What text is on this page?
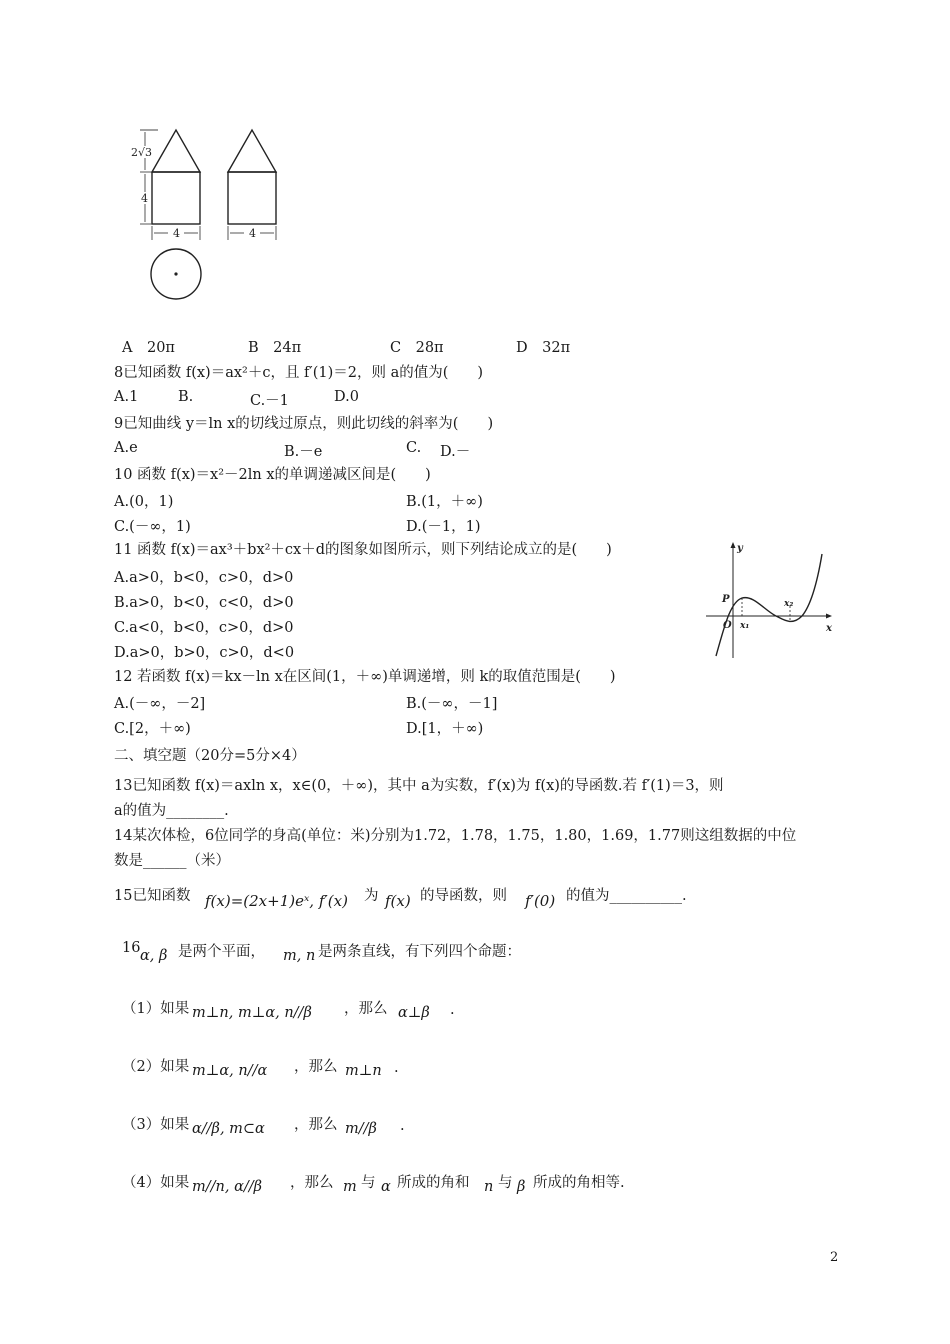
2√3
4
4	4
A　20π	B　24π	C　28π	D　32π
8已知函数 f(x)＝ax²＋c，且 f′(1)＝2，则 a的值为(　　)
A.1	B.	C.－1	D.0
9已知曲线 y＝ln x的切线过原点，则此切线的斜率为(　　)
A.e	B.－e	C. D.－
10 函数 f(x)＝x²－2ln x的单调递减区间是(　　)
A.(0，1)	B.(1，＋∞)
C.(－∞，1)	D.(－1，1)
11 函数 f(x)＝ax³＋bx²＋cx＋d的图象如图所示，则下列结论成立的是(　　)
A.a>0，b<0，c>0，d>0
B.a>0，b<0，c<0，d>0
C.a<0，b<0，c>0，d>0
D.a>0，b>0，c>0，d<0
y
x
O
P
x₁
x₂
12 若函数 f(x)＝kx－ln x在区间(1，＋∞)单调递增，则 k的取值范围是(　　)
A.(－∞，－2]	B.(－∞，－1]
C.[2，＋∞)	D.[1，＋∞)
二、填空题（20分=5分×4）
13已知函数 f(x)＝axln x，x∈(0，＋∞)，其中 a为实数，f′(x)为 f(x)的导函数.若 f′(1)＝3，则
a的值为________.
14某次体检，6位同学的身高(单位：米)分别为1.72，1.78，1.75，1.80，1.69，1.77则这组数据的中位
数是______（米）
15已知函数 f(x)=(2x+1)eˣ, f′(x) 为 f(x) 的导函数，则 f′(0) 的值为__________.
16 α, β 是两个平面， m, n 是两条直线，有下列四个命题：
（1）如果 m⊥n, m⊥α, n//β ，那么 α⊥β .
（2）如果 m⊥α, n//α ，那么 m⊥n .
（3）如果 α//β, m⊂α ，那么 m//β .
（4）如果 m//n, α//β ，那么 m 与 α 所成的角和 n 与 β 所成的角相等.
2
